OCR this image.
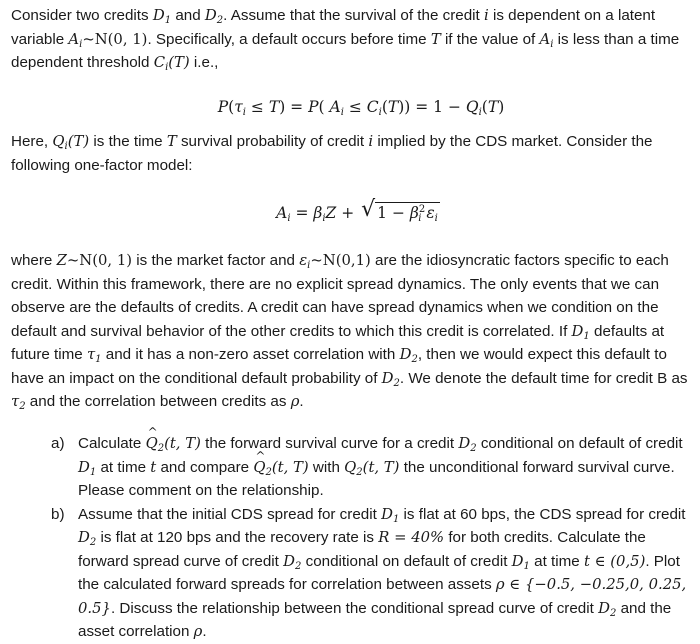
Consider two credits $D_1$ and $D_2$. Assume that the survival of the credit i is dependent on a latent variable $A_i\sim N(0$, 1). Specifically, a default occurs before time T if the value of $A_i$ is less than a time dependent threshold $C_i(T)$ i.e.,

$P(\tau_i \le T) = P$( $A_i \le C_i(T)) = 1 - Q_i(T)$
Here, $Q_i(T)$ is the time T survival probability of credit i implied by the CDS market. Consider the following one-factor model:
$A_i = \beta_iZ$ + √ $1 - \beta^2_i$ $\varepsilon_i$
where Z~N(0, 1) is the market factor and $\varepsilon_i\sim N(0,1)$ are the idiosyncratic factors specific to each credit. Within this framework, there are no explicit spread dynamics. The only events that we can observe are the defaults of credits. A credit can have spread dynamics when we condition on the default and survival behavior of the other credits to which this credit is correlated. If $D_1$ defaults at future time $\tau_1$ and it has a non-zero asset correlation with $D_2$, then we would expect this default to have an impact on the conditional default probability of $D_2$. We denote the default time for credit B as $\tau_2$ and the correlation between credits as ρ.
a) Calculate ^ $Q_2(t$, T) the forward survival curve for a credit $D_2$ conditional on default of credit $D_1$ at time t and compare ^ $Q_2(t$, T) with $Q_2(t$, T) the unconditional forward survival curve. Please comment on the relationship.
b) Assume that the initial CDS spread for credit $D_1$ is flat at 60 bps, the CDS spread for credit $D_2$ is flat at 120 bps and the recovery rate is R = 40% for both credits. Calculate the forward spread curve of credit $D_2$ conditional on default of credit $D_1$ at time t ∈ (0,5). Plot the calculated forward spreads for correlation between assets ρ ∈ {−0.5, −0.25,0, 0.25, 0.5}. Discuss the relationship between the conditional spread curve of credit $D_2$ and the asset correlation ρ.
